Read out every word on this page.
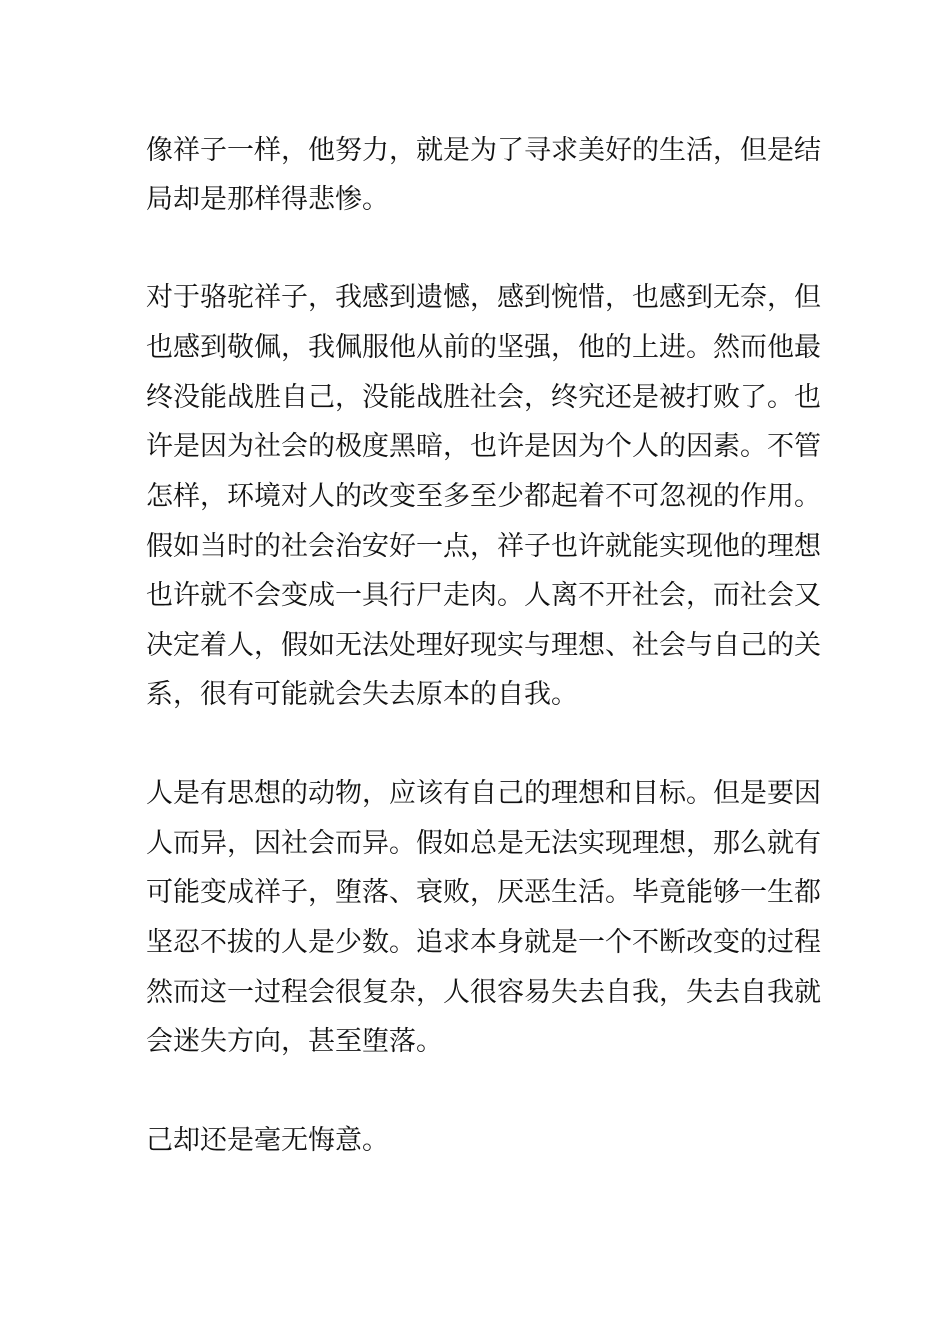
像祥子一样，他努力，就是为了寻求美好的生活，但是结

局却是那样得悲惨。

对于骆驼祥子，我感到遗憾，感到惋惜，也感到无奈，但

也感到敬佩，我佩服他从前的坚强，他的上进。然而他最

终没能战胜自己，没能战胜社会，终究还是被打败了。也

许是因为社会的极度黑暗，也许是因为个人的因素。不管

怎样，环境对人的改变至多至少都起着不可忽视的作用。

假如当时的社会治安好一点，祥子也许就能实现他的理想

也许就不会变成一具行尸走肉。人离不开社会，而社会又

决定着人，假如无法处理好现实与理想、社会与自己的关

系，很有可能就会失去原本的自我。

人是有思想的动物，应该有自己的理想和目标。但是要因

人而异，因社会而异。假如总是无法实现理想，那么就有

可能变成祥子，堕落、衰败，厌恶生活。毕竟能够一生都

坚忍不拔的人是少数。追求本身就是一个不断改变的过程

然而这一过程会很复杂，人很容易失去自我，失去自我就

会迷失方向，甚至堕落。

己却还是毫无悔意。
